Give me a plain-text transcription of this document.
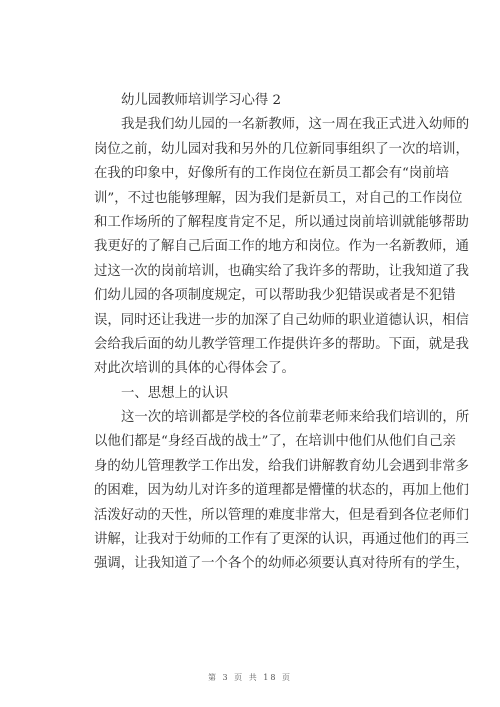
幼儿园教师培训学习心得 2
我是我们幼儿园的一名新教师，这一周在我正式进入幼师的
岗位之前，幼儿园对我和另外的几位新同事组织了一次的培训，
在我的印象中，好像所有的工作岗位在新员工都会有“岗前培
训”，不过也能够理解，因为我们是新员工，对自己的工作岗位
和工作场所的了解程度肯定不足，所以通过岗前培训就能够帮助
我更好的了解自己后面工作的地方和岗位。作为一名新教师，通
过这一次的岗前培训，也确实给了我许多的帮助，让我知道了我
们幼儿园的各项制度规定，可以帮助我少犯错误或者是不犯错
误，同时还让我进一步的加深了自己幼师的职业道德认识，相信
会给我后面的幼儿教学管理工作提供许多的帮助。下面，就是我
对此次培训的具体的心得体会了。
一、思想上的认识
这一次的培训都是学校的各位前辈老师来给我们培训的，所
以他们都是“身经百战的战士”了，在培训中他们从他们自己亲
身的幼儿管理教学工作出发，给我们讲解教育幼儿会遇到非常多
的困难，因为幼儿对许多的道理都是懵懂的状态的，再加上他们
活泼好动的天性，所以管理的难度非常大，但是看到各位老师们
讲解，让我对于幼师的工作有了更深的认识，再通过他们的再三
强调，让我知道了一个各个的幼师必须要认真对待所有的学生，
第 3 页 共 18 页
